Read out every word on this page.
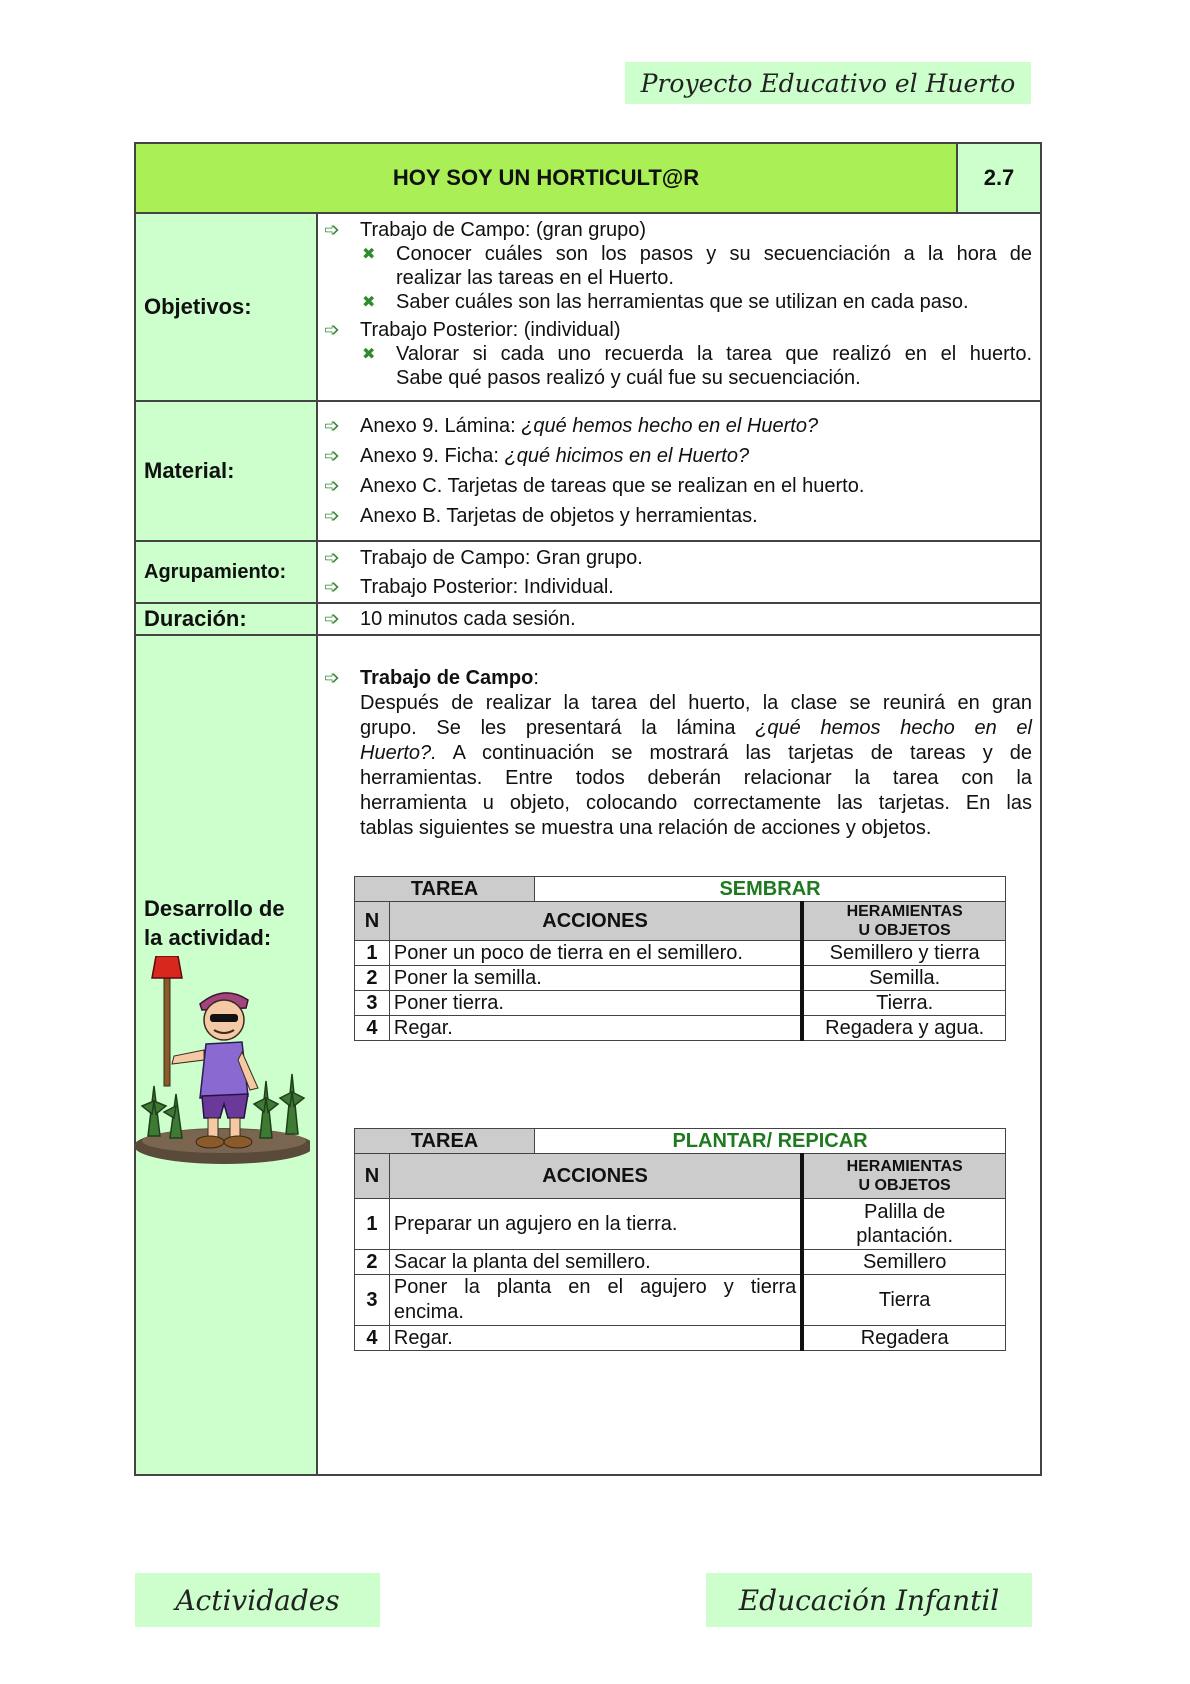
Proyecto Educativo el Huerto
HOY SOY UN HORTICULT@R	2.7
Objetivos:
➩	Trabajo de Campo: (gran grupo)
✖	Conocer cuáles son los pasos y su secuenciación a la hora de
realizar las tareas en el Huerto.
✖	Saber cuáles son las herramientas que se utilizan en cada paso.
➩	Trabajo Posterior: (individual)
✖	Valorar si cada uno recuerda la tarea que realizó en el huerto.
Sabe qué pasos realizó y cuál fue su secuenciación.
Material:
➩	Anexo 9. Lámina: ¿qué hemos hecho en el Huerto?
➩	Anexo 9. Ficha: ¿qué hicimos en el Huerto?
➩	Anexo C. Tarjetas de tareas que se realizan en el huerto.
➩	Anexo B. Tarjetas de objetos y herramientas.
Agrupamiento:
➩	Trabajo de Campo: Gran grupo.
➩	Trabajo Posterior: Individual.
Duración:	➩	10 minutos cada sesión.
Desarrollo de
la actividad:
➩	Trabajo de Campo:
Después de realizar la tarea del huerto, la clase se reunirá en gran
grupo. Se les presentará la lámina ¿qué hemos hecho en el
Huerto?. A continuación se mostrará las tarjetas de tareas y de
herramientas. Entre todos deberán relacionar la tarea con la
herramienta u objeto, colocando correctamente las tarjetas. En las
tablas siguientes se muestra una relación de acciones y objetos.
TAREA		SEMBRAR	
N	ACCIONES		HERAMIENTAS
U OBJETOS
1	Poner un poco de tierra en el semillero.		Semillero y tierra
2	Poner la semilla.		Semilla.
3	Poner tierra.		Tierra.
4	Regar.		Regadera y agua.
TAREA		PLANTAR/ REPICAR	
N	ACCIONES		HERAMIENTAS
U OBJETOS
1	Preparar un agujero en la tierra.		Palilla de
plantación.
2	Sacar la planta del semillero.		Semillero
3	Poner la planta en el agujero y tierra
encima.		Tierra
4	Regar.		Regadera
Actividades	Educación Infantil
